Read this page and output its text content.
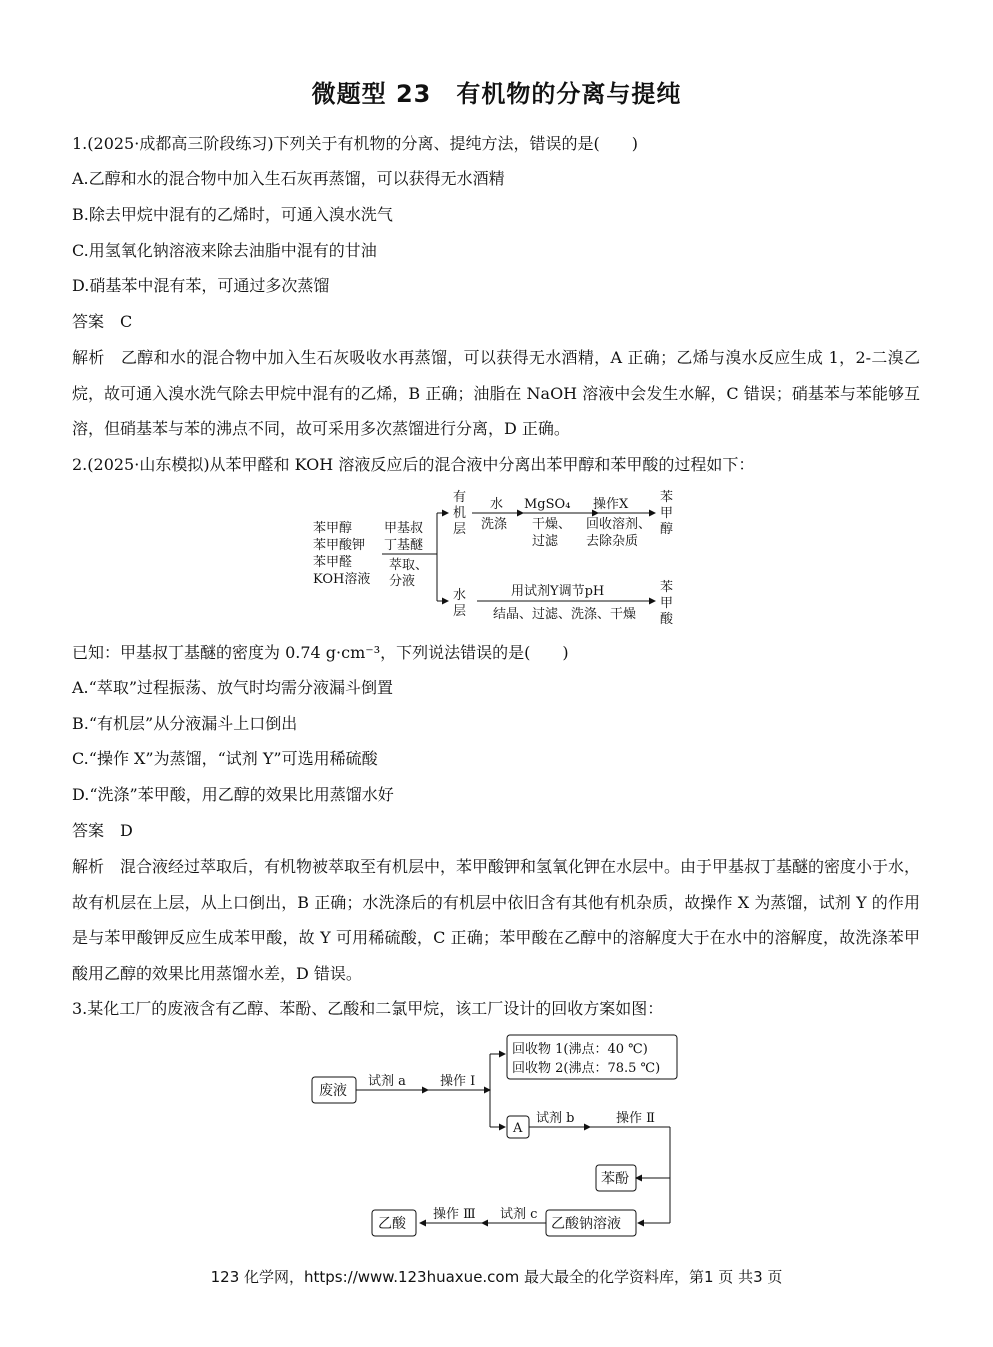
微题型 23　有机物的分离与提纯
1.(2025·成都高三阶段练习)下列关于有机物的分离、提纯方法，错误的是(　　)
A.乙醇和水的混合物中加入生石灰再蒸馏，可以获得无水酒精
B.除去甲烷中混有的乙烯时，可通入溴水洗气
C.用氢氧化钠溶液来除去油脂中混有的甘油
D.硝基苯中混有苯，可通过多次蒸馏
答案　C
解析　乙醇和水的混合物中加入生石灰吸收水再蒸馏，可以获得无水酒精，A 正确；乙烯与溴水反应生成 1，2-二溴乙烷，故可通入溴水洗气除去甲烷中混有的乙烯，B 正确；油脂在 NaOH 溶液中会发生水解，C 错误；硝基苯与苯能够互溶，但硝基苯与苯的沸点不同，故可采用多次蒸馏进行分离，D 正确。
2.(2025·山东模拟)从苯甲醛和 KOH 溶液反应后的混合液中分离出苯甲醇和苯甲酸的过程如下：
苯甲醇
苯甲酸钾
苯甲醛
KOH溶液
甲基叔
丁基醚
萃取、
分液
有
机
层
水
洗涤
MgSO₄
干燥、
过滤
操作X
回收溶剂、
去除杂质
苯
甲
醇
水
层
用试剂Y调节pH
结晶、过滤、洗涤、干燥
苯
甲
酸
已知：甲基叔丁基醚的密度为 0.74 g·cm⁻³，下列说法错误的是(　　)
A.“萃取”过程振荡、放气时均需分液漏斗倒置
B.“有机层”从分液漏斗上口倒出
C.“操作 X”为蒸馏，“试剂 Y”可选用稀硫酸
D.“洗涤”苯甲酸，用乙醇的效果比用蒸馏水好
答案　D
解析　混合液经过萃取后，有机物被萃取至有机层中，苯甲酸钾和氢氧化钾在水层中。由于甲基叔丁基醚的密度小于水，故有机层在上层，从上口倒出，B 正确；水洗涤后的有机层中依旧含有其他有机杂质，故操作 X 为蒸馏，试剂 Y 的作用是与苯甲酸钾反应生成苯甲酸，故 Y 可用稀硫酸，C 正确；苯甲酸在乙醇中的溶解度大于在水中的溶解度，故洗涤苯甲酸用乙醇的效果比用蒸馏水差，D 错误。
3.某化工厂的废液含有乙醇、苯酚、乙酸和二氯甲烷，该工厂设计的回收方案如图：
废液
试剂 a	操作 Ⅰ
回收物 1(沸点：40 ℃)
回收物 2(沸点：78.5 ℃)
A
试剂 b	操作 Ⅱ
苯酚
乙酸钠溶液
试剂 c
操作 Ⅲ
乙酸
123 化学网，https://www.123huaxue.com 最大最全的化学资料库，第1 页 共3 页
